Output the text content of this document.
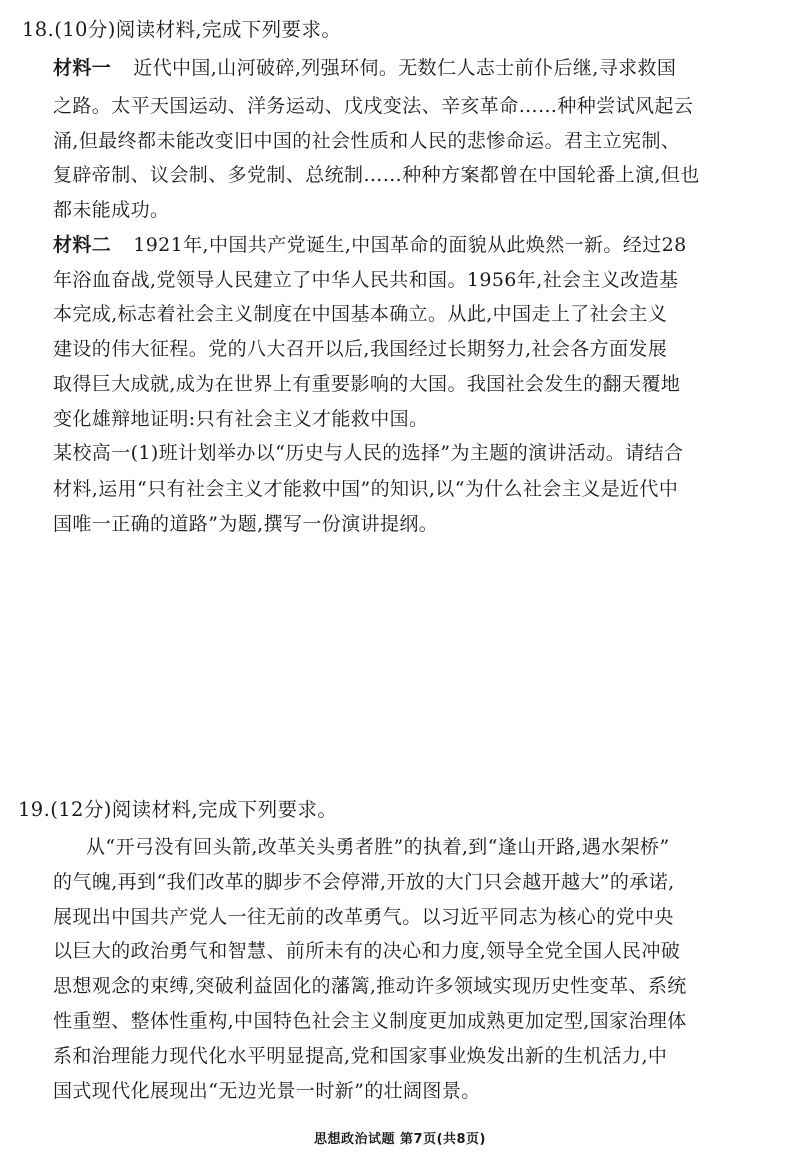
18.(10分)阅读材料,完成下列要求。
材料一 近代中国,山河破碎,列强环伺。无数仁人志士前仆后继,寻求救国
之路。太平天国运动、洋务运动、戊戌变法、辛亥革命……种种尝试风起云
涌,但最终都未能改变旧中国的社会性质和人民的悲惨命运。君主立宪制、
复辟帝制、议会制、多党制、总统制……种种方案都曾在中国轮番上演,但也
都未能成功。
材料二 1921年,中国共产党诞生,中国革命的面貌从此焕然一新。经过28
年浴血奋战,党领导人民建立了中华人民共和国。1956年,社会主义改造基
本完成,标志着社会主义制度在中国基本确立。从此,中国走上了社会主义
建设的伟大征程。党的八大召开以后,我国经过长期努力,社会各方面发展
取得巨大成就,成为在世界上有重要影响的大国。我国社会发生的翻天覆地
变化雄辩地证明:只有社会主义才能救中国。
某校高一(1)班计划举办以“历史与人民的选择”为主题的演讲活动。请结合
材料,运用“只有社会主义才能救中国”的知识,以“为什么社会主义是近代中
国唯一正确的道路”为题,撰写一份演讲提纲。
19.(12分)阅读材料,完成下列要求。
从“开弓没有回头箭,改革关头勇者胜”的执着,到“逢山开路,遇水架桥”
的气魄,再到“我们改革的脚步不会停滞,开放的大门只会越开越大”的承诺,
展现出中国共产党人一往无前的改革勇气。以习近平同志为核心的党中央
以巨大的政治勇气和智慧、前所未有的决心和力度,领导全党全国人民冲破
思想观念的束缚,突破利益固化的藩篱,推动许多领域实现历史性变革、系统
性重塑、整体性重构,中国特色社会主义制度更加成熟更加定型,国家治理体
系和治理能力现代化水平明显提高,党和国家事业焕发出新的生机活力,中
国式现代化展现出“无边光景一时新”的壮阔图景。
思想政治试题 第7页(共8页)
